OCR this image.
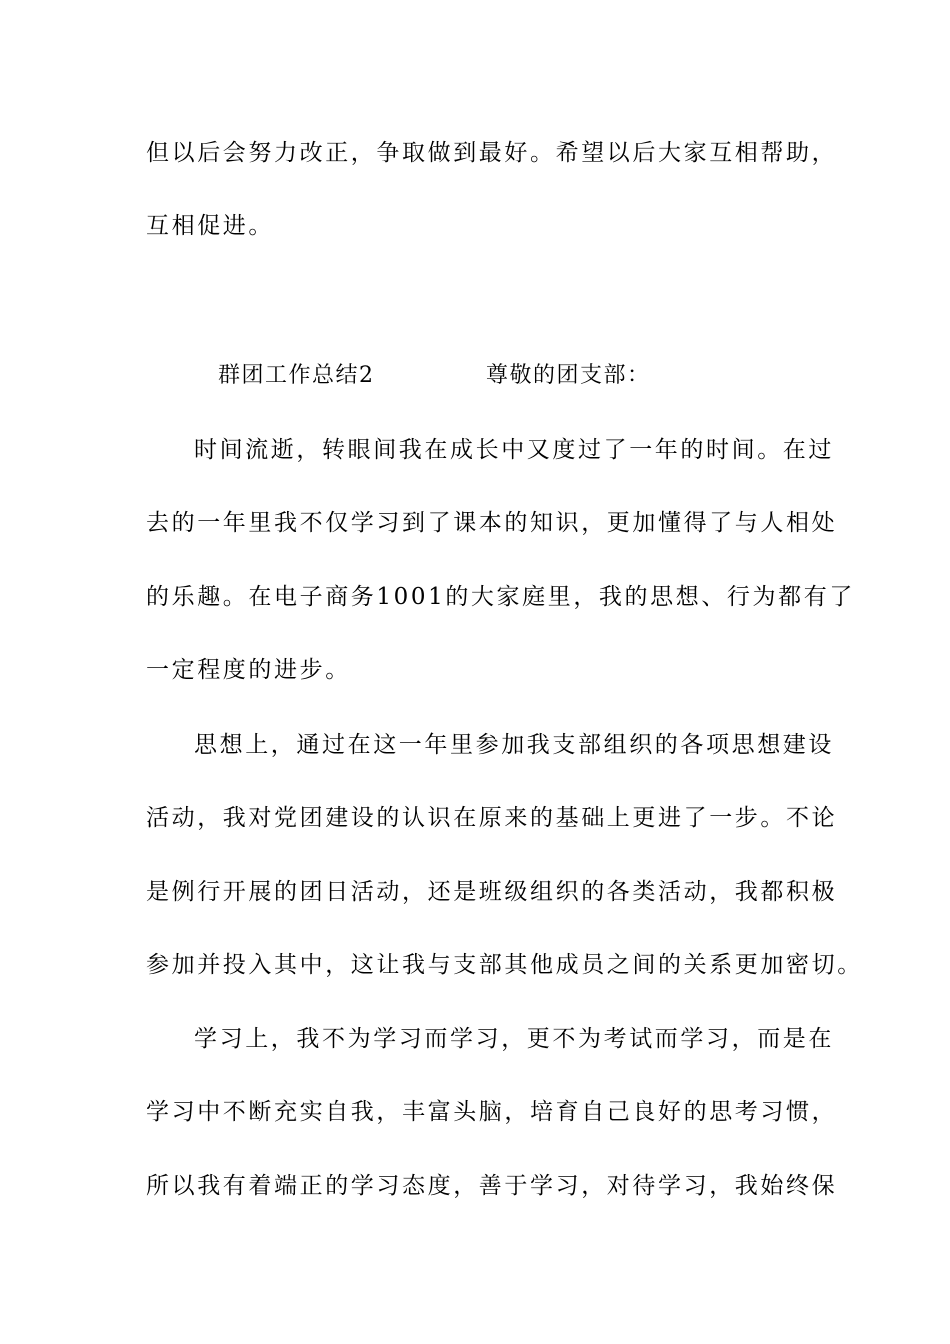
但以后会努力改正，争取做到最好。希望以后大家互相帮助，
互相促进。
群团工作总结2	尊敬的团支部：
时间流逝，转眼间我在成长中又度过了一年的时间。在过
去的一年里我不仅学习到了课本的知识，更加懂得了与人相处
的乐趣。在电子商务1001的大家庭里，我的思想、行为都有了
一定程度的进步。
思想上，通过在这一年里参加我支部组织的各项思想建设
活动，我对党团建设的认识在原来的基础上更进了一步。不论
是例行开展的团日活动，还是班级组织的各类活动，我都积极
参加并投入其中，这让我与支部其他成员之间的关系更加密切。
学习上，我不为学习而学习，更不为考试而学习，而是在
学习中不断充实自我，丰富头脑，培育自己良好的思考习惯，
所以我有着端正的学习态度，善于学习，对待学习，我始终保
